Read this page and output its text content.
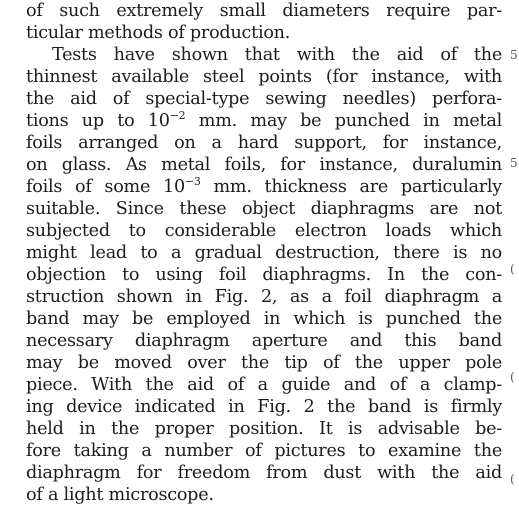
of such extremely small diameters require par-
ticular methods of production.
Tests have shown that with the aid of the
thinnest available steel points (for instance, with
the aid of special-type sewing needles) perfora-
tions up to $10^{-2}$ mm. may be punched in metal
foils arranged on a hard support, for instance,
on glass. As metal foils, for instance, duralumin
foils of some $10^{-3}$ mm. thickness are particularly
suitable. Since these object diaphragms are not
subjected to considerable electron loads which
might lead to a gradual destruction, there is no
objection to using foil diaphragms. In the con-
struction shown in Fig. 2, as a foil diaphragm a
band may be employed in which is punched the
necessary diaphragm aperture and this band
may be moved over the tip of the upper pole
piece. With the aid of a guide and of a clamp-
ing device indicated in Fig. 2 the band is firmly
held in the proper position. It is advisable be-
fore taking a number of pictures to examine the
diaphragm for freedom from dust with the aid
of a light microscope.
5
5
(
(
(
